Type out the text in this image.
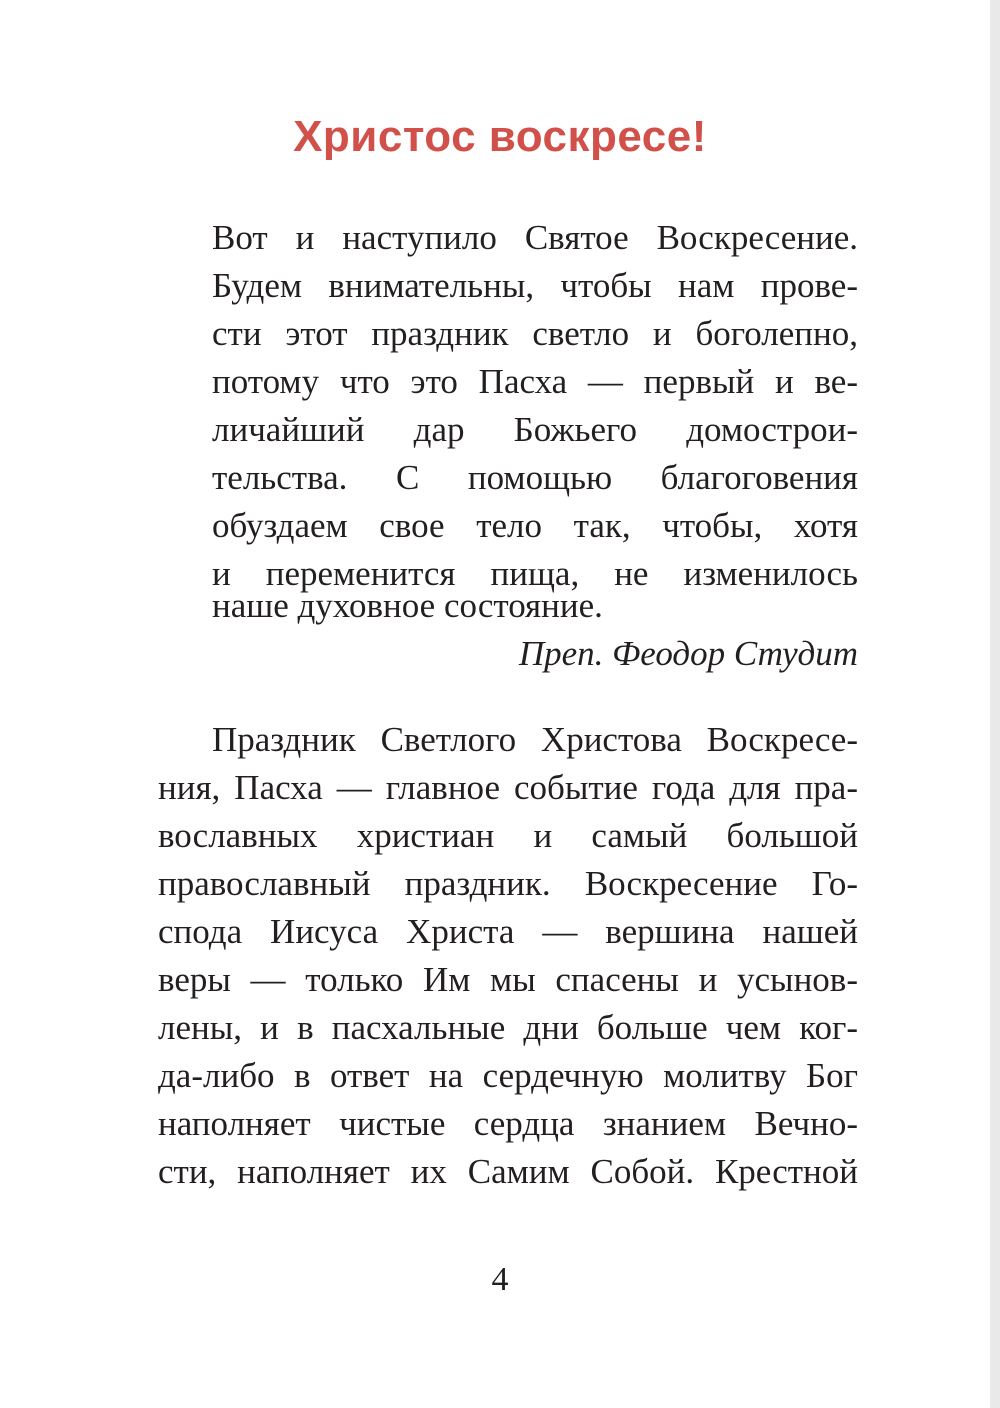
Христос воскресе!
Вот и наступило Святое Воскресение.
Будем внимательны, чтобы нам прове-
сти этот праздник светло и боголепно,
потому что это Пасха — первый и ве-
личайший дар Божьего домострои-
тельства. С помощью благоговения
обуздаем свое тело так, чтобы, хотя
и переменится пища, не изменилось
наше духовное состояние.
Преп. Феодор Студит
Праздник Светлого Христова Воскресе-
ния, Пасха — главное событие года для пра-
вославных христиан и самый большой
православный праздник. Воскресение Го-
спода Иисуса Христа — вершина нашей
веры — только Им мы спасены и усынов-
лены, и в пасхальные дни больше чем ког-
да-либо в ответ на сердечную молитву Бог
наполняет чистые сердца знанием Вечно-
сти, наполняет их Самим Собой. Крестной
4
